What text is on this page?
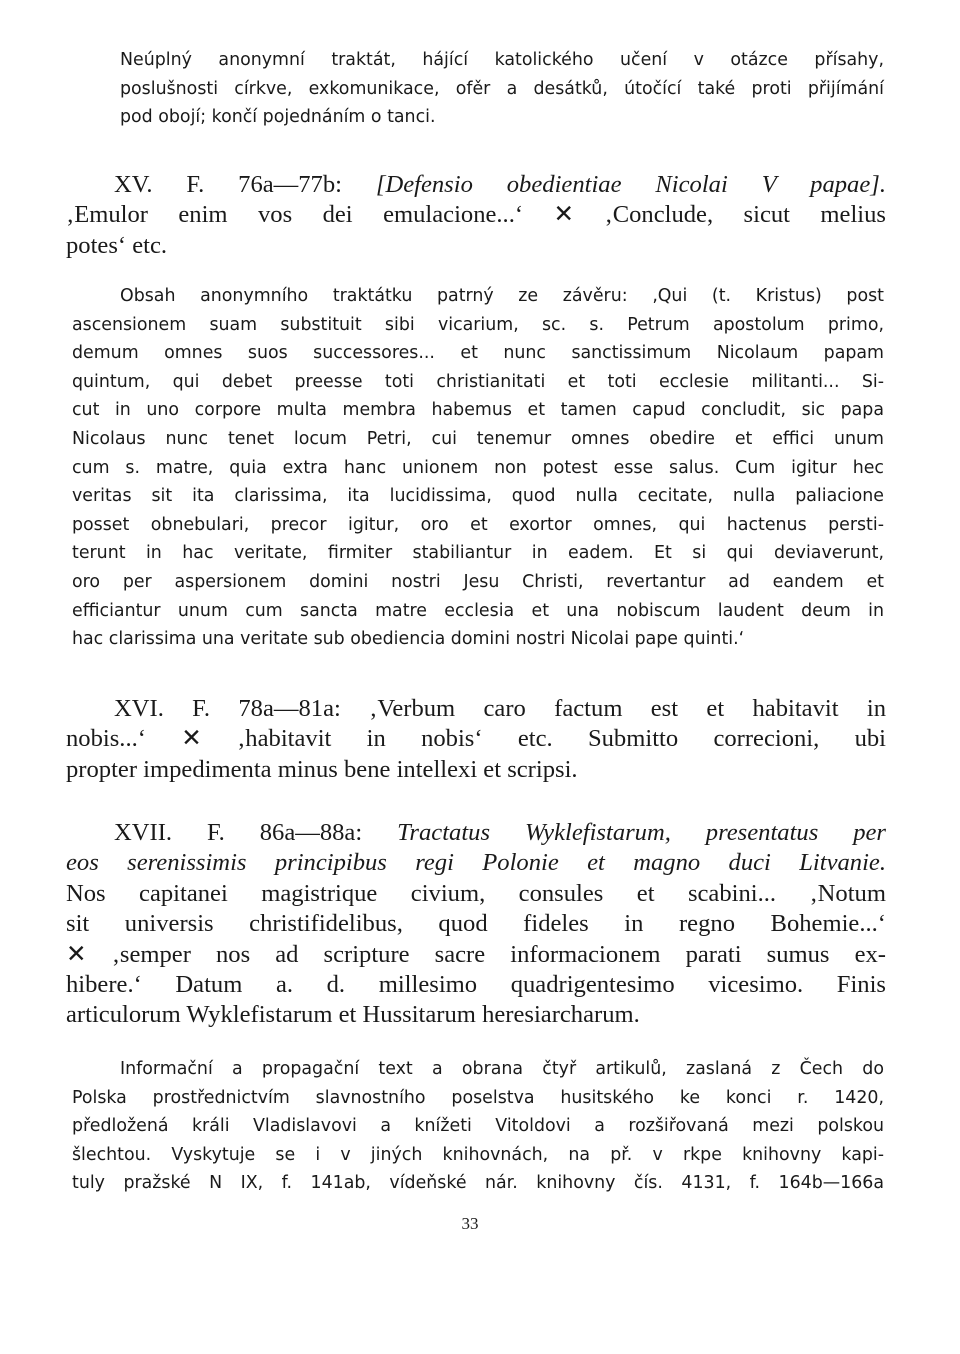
Neúplný anonymní traktát, hájící katolického učení v otázce přísahy,
poslušnosti církve, exkomunikace, ofěr a desátků, útočící také proti přijímání
pod obojí; končí pojednáním o tanci.

XV. F. 76a—77b: [Defensio obedientiae Nicolai V papae].
‚Emulor enim vos dei emulacione...‘ ✕ ‚Conclude, sicut melius
potes‘ etc.

Obsah anonymního traktátku patrný ze závěru: ‚Qui (t. Kristus) post
ascensionem suam substituit sibi vicarium, sc. s. Petrum apostolum primo,
demum omnes suos successores... et nunc sanctissimum Nicolaum papam
quintum, qui debet preesse toti christianitati et toti ecclesie militanti... Si-
cut in uno corpore multa membra habemus et tamen capud concludit, sic papa
Nicolaus nunc tenet locum Petri, cui tenemur omnes obedire et effici unum
cum s. matre, quia extra hanc unionem non potest esse salus. Cum igitur hec
veritas sit ita clarissima, ita lucidissima, quod nulla cecitate, nulla paliacione
posset obnebulari, precor igitur, oro et exortor omnes, qui hactenus persti-
terunt in hac veritate, firmiter stabiliantur in eadem. Et si qui deviaverunt,
oro per aspersionem domini nostri Jesu Christi, revertantur ad eandem et
efficiantur unum cum sancta matre ecclesia et una nobiscum laudent deum in
hac clarissima una veritate sub obediencia domini nostri Nicolai pape quinti.‘

XVI. F. 78a—81a: ‚Verbum caro factum est et habitavit in
nobis...‘ ✕ ‚habitavit in nobis‘ etc. Submitto correcioni, ubi
propter impedimenta minus bene intellexi et scripsi.

XVII. F. 86a—88a: Tractatus Wyklefistarum, presentatus per
eos serenissimis principibus regi Polonie et magno duci Litvanie.
Nos capitanei magistrique civium, consules et scabini... ‚Notum
sit universis christifidelibus, quod fideles in regno Bohemie...‘
✕ ‚semper nos ad scripture sacre informacionem parati sumus ex-
hibere.‘ Datum a. d. millesimo quadrigentesimo vicesimo. Finis
articulorum Wyklefistarum et Hussitarum heresiarcharum.

Informační a propagační text a obrana čtyř artikulů, zaslaná z Čech do
Polska prostřednictvím slavnostního poselstva husitského ke konci r. 1420,
předložená králi Vladislavovi a knížeti Vitoldovi a rozšiřovaná mezi polskou
šlechtou. Vyskytuje se i v jiných knihovnách, na př. v rkpe knihovny kapi-
tuly pražské N IX, f. 141ab, vídeňské nár. knihovny čís. 4131, f. 164b—166a

33
